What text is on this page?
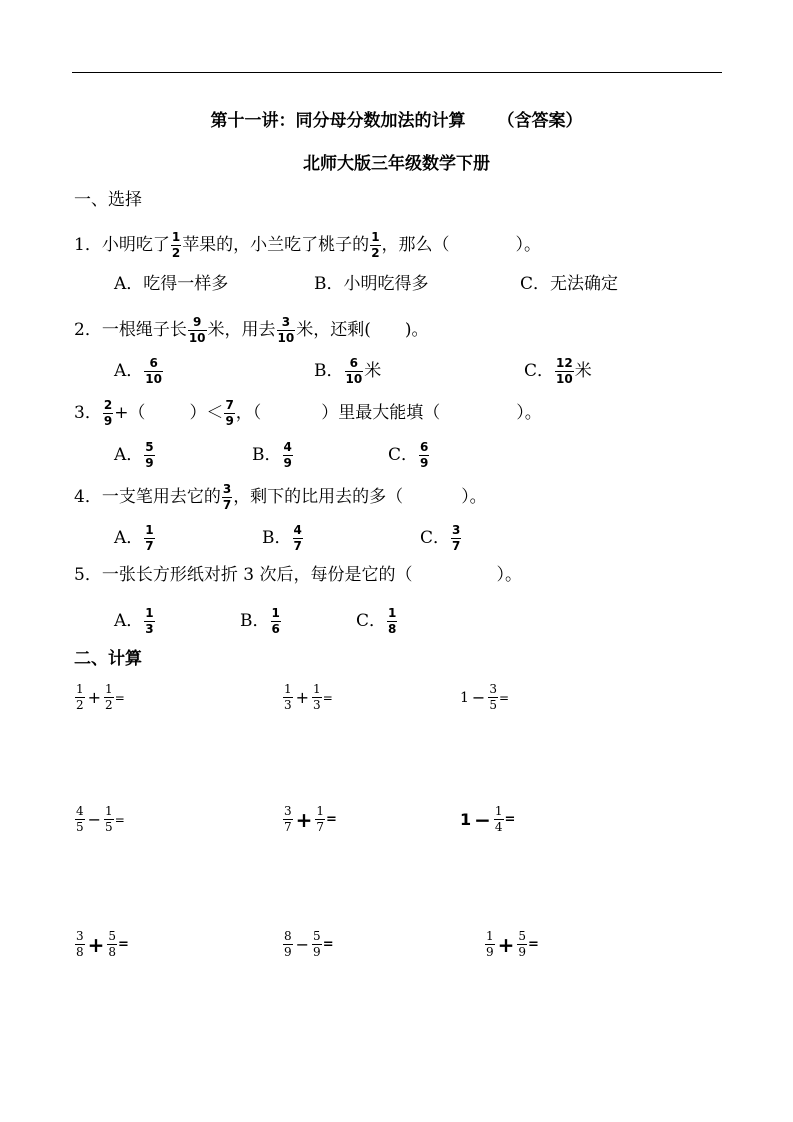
第十一讲：同分母分数加法的计算 （含答案）
北师大版三年级数学下册
一、选择
1．小明吃了 $\frac{1}{2}$ 苹果的，小兰吃了桃子的 $\frac{1}{2}$ ，那么（	）。
A．吃得一样多	B．小明吃得多	C．无法确定
2．一根绳子长 $\frac{9}{10}$ 米，用去 $\frac{3}{10}$ 米，还剩( )。
A． $\frac{6}{10}$	B． $\frac{6}{10}$ 米	C． $\frac{12}{10}$ 米
3． $\frac{2}{9}$ +（	）＜ $\frac{7}{9}$ ，（	）里最大能填（	）。
A． $\frac{5}{9}$	B． $\frac{4}{9}$	C． $\frac{6}{9}$
4．一支笔用去它的 $\frac{3}{7}$ ，剩下的比用去的多（	）。
A． $\frac{1}{7}$	B． $\frac{4}{7}$	C． $\frac{3}{7}$
5．一张长方形纸对折 3 次后，每份是它的（	）。
A． $\frac{1}{3}$	B． $\frac{1}{6}$	C． $\frac{1}{8}$
二、计算
$\frac{1}{2} + \frac{1}{2}$ =	$\frac{1}{3} + \frac{1}{3}$ =	$1 - \frac{3}{5}$ =
$\frac{4}{5} - \frac{1}{5}$ =	$\frac{3}{7} + \frac{1}{7}$ =	$1 - \frac{1}{4}$ =
$\frac{3}{8} + \frac{5}{8}$ =	$\frac{8}{9} - \frac{5}{9}$ =	$\frac{1}{9} + \frac{5}{9}$ =
